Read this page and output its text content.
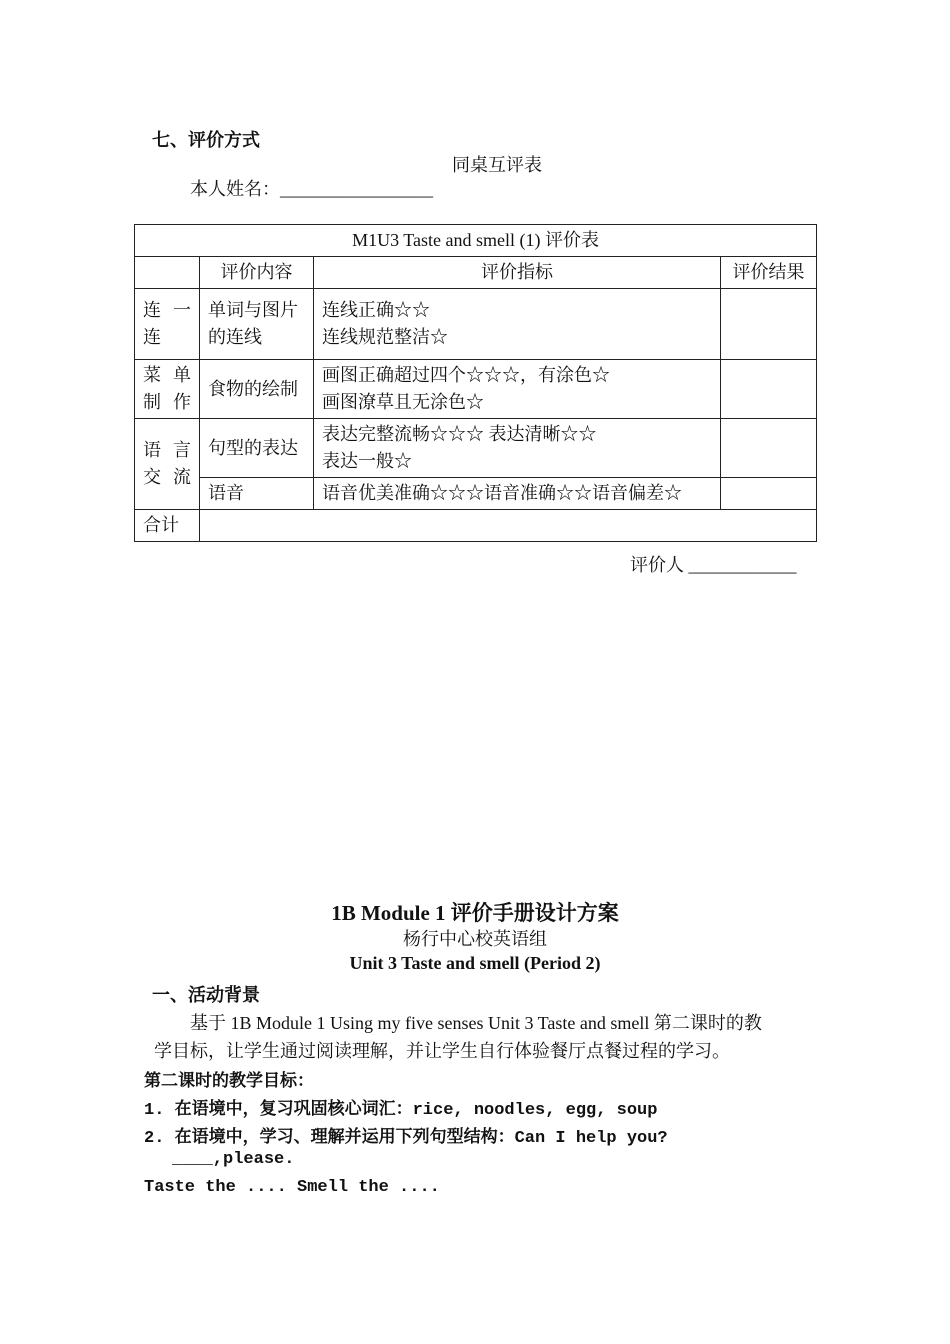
七、评价方式
同桌互评表
本人姓名：_________________
M1U3 Taste and smell (1) 评价表			
	评价内容	评价指标	评价结果
连 一 连	单词与图片的连线	连线正确☆☆
连线规范整洁☆	

菜 单 制作	食物的绘制	画图正确超过四个☆☆☆，有涂色☆
画图潦草且无涂色☆	

语 言 交流	句型的表达	表达完整流畅☆☆☆ 表达清晰☆☆
表达一般☆	

	语音	语音优美准确☆☆☆语音准确☆☆语音偏差☆	
合计			
评价人 ____________
1B Module 1 评价手册设计方案
杨行中心校英语组
Unit 3 Taste and smell (Period 2)
一、活动背景
基于 1B Module 1 Using my five senses Unit 3 Taste and smell 第二课时的教
学目标，让学生通过阅读理解，并让学生自行体验餐厅点餐过程的学习。
第二课时的教学目标：
1. 在语境中，复习巩固核心词汇：rice, noodles, egg, soup
2. 在语境中，学习、理解并运用下列句型结构：Can I help you?
____,please.
Taste the .... Smell the ....
